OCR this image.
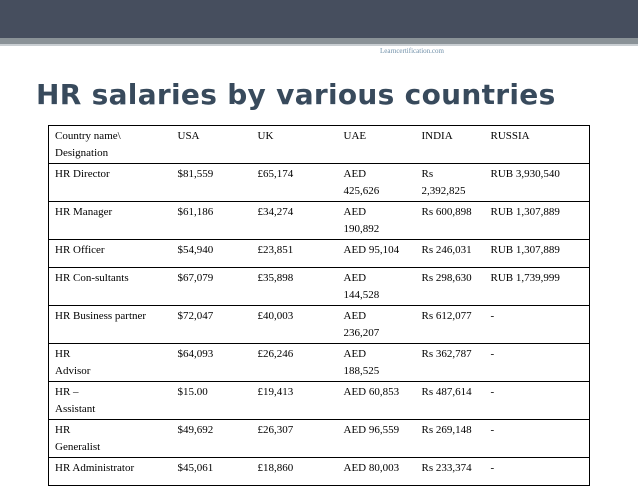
Learncertification.com
HR salaries by various countries
Country name\ Designation	USA	UK	UAE	INDIA	RUSSIA
HR Director	$81,559	£65,174	AED 425,626	Rs 2,392,825	RUB 3,930,540
HR Manager	$61,186	£34,274	AED 190,892	Rs 600,898	RUB 1,307,889
HR Officer	$54,940	£23,851	AED 95,104	Rs 246,031	RUB 1,307,889
HR Con-sultants	$67,079	£35,898	AED 144,528	Rs 298,630	RUB 1,739,999
HR Business partner	$72,047	£40,003	AED 236,207	Rs 612,077	-
HR Advisor	$64,093	£26,246	AED 188,525	Rs 362,787	-
HR – Assistant	$15.00	£19,413	AED 60,853	Rs 487,614	-
HR Generalist	$49,692	£26,307	AED 96,559	Rs 269,148	-
HR Administrator	$45,061	£18,860	AED 80,003	Rs 233,374	-
